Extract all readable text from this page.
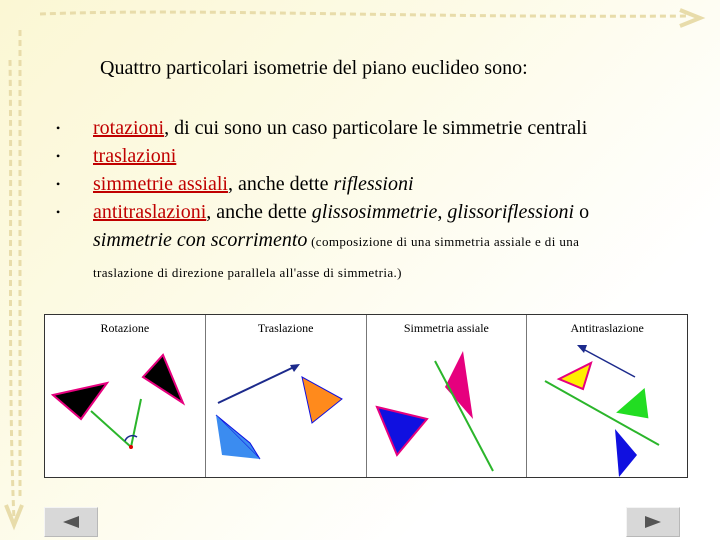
Quattro particolari isometrie del piano euclideo sono:
•	rotazioni, di cui sono un caso particolare le simmetrie centrali
•	traslazioni
•	simmetrie assiali, anche dette riflessioni
•	antitraslazioni, anche dette glissosimmetrie, glissoriflessioni o
simmetrie con scorrimento (composizione di una simmetria assiale e di una
traslazione di direzione parallela all'asse di simmetria.)
Rotazione	Traslazione	Simmetria assiale	Antitraslazione
